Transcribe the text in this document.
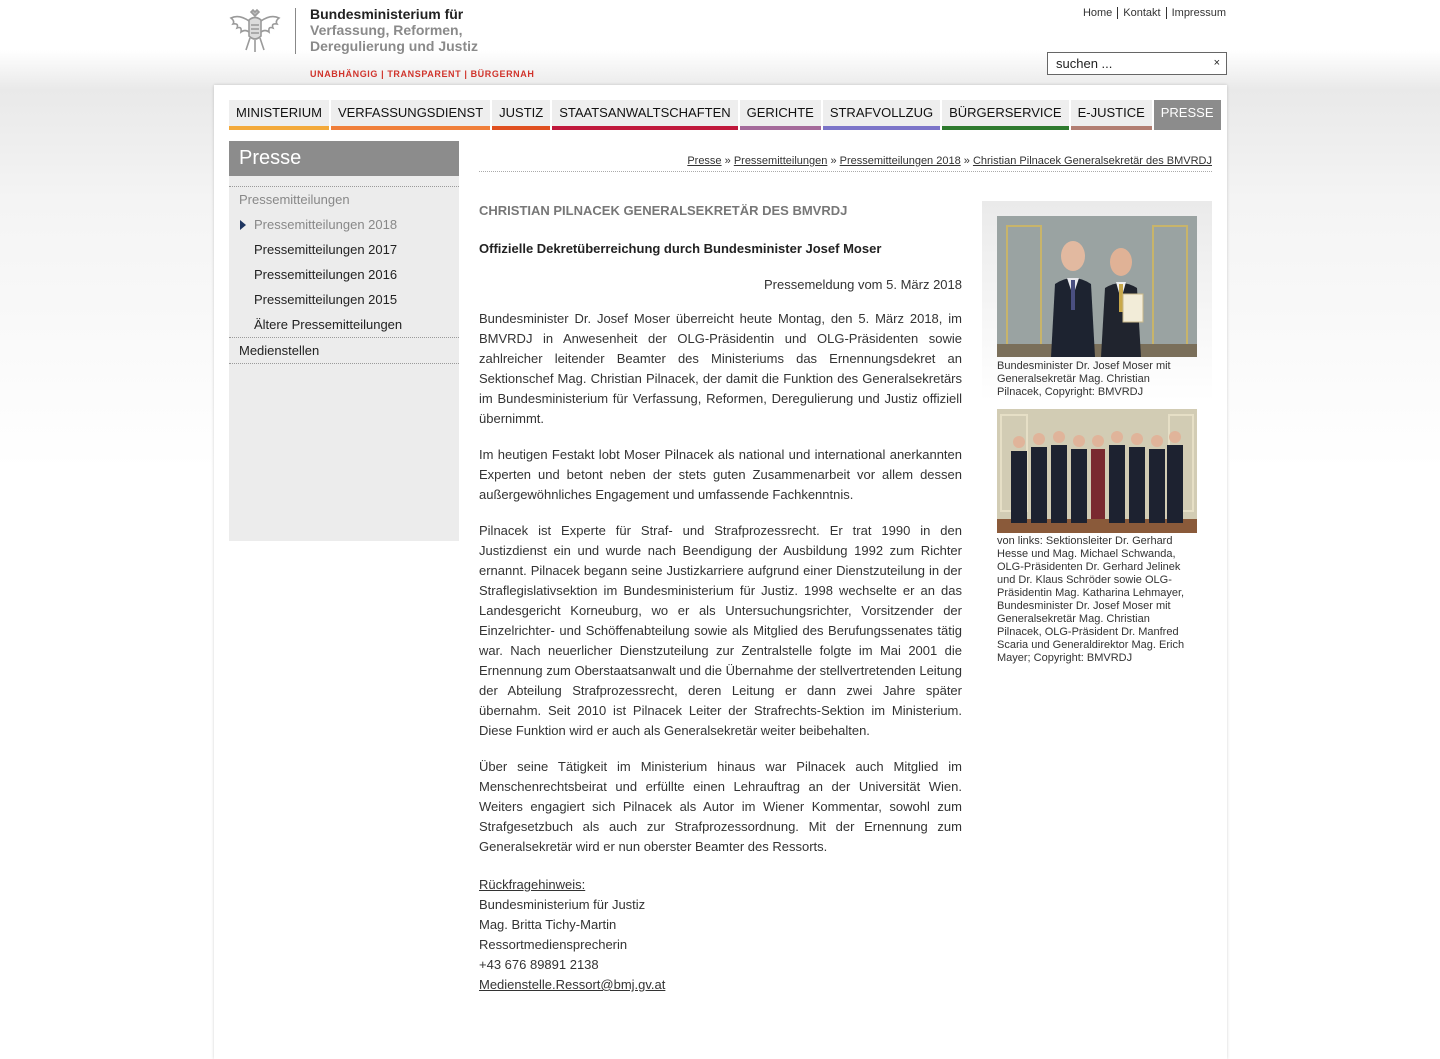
Bundesministerium für
Verfassung, Reformen,
Deregulierung und Justiz
UNABHÄNGIG | TRANSPARENT | BÜRGERNAH
Home	Kontakt	Impressum
suchen ...
×
MINISTERIUM	VERFASSUNGSDIENST	JUSTIZ	STAATSANWALTSCHAFTEN	GERICHTE	STRAFVOLLZUG	BÜRGERSERVICE	E-JUSTICE	PRESSE
Presse
Pressemitteilungen
Pressemitteilungen 2018
Pressemitteilungen 2017
Pressemitteilungen 2016
Pressemitteilungen 2015
Ältere Pressemitteilungen
Medienstellen
Presse » Pressemitteilungen » Pressemitteilungen 2018 » Christian Pilnacek Generalsekretär des BMVRDJ
CHRISTIAN PILNACEK GENERALSEKRETÄR DES BMVRDJ
Offizielle Dekretüberreichung durch Bundesminister Josef Moser
Pressemeldung vom 5. März 2018

Bundesminister Dr. Josef Moser überreicht heute Montag, den 5. März 2018, im BMVRDJ in Anwesenheit der OLG-Präsidentin und OLG-Präsidenten sowie zahlreicher leitender Beamter des Ministeriums das Ernennungsdekret an Sektionschef Mag. Christian Pilnacek, der damit die Funktion des Generalsekretärs im Bundesministerium für Verfassung, Reformen, Deregulierung und Justiz offiziell übernimmt.

Im heutigen Festakt lobt Moser Pilnacek als national und international anerkannten Experten und betont neben der stets guten Zusammenarbeit vor allem dessen außergewöhnliches Engagement und umfassende Fachkenntnis.

Pilnacek ist Experte für Straf- und Strafprozessrecht. Er trat 1990 in den Justizdienst ein und wurde nach Beendigung der Ausbildung 1992 zum Richter ernannt. Pilnacek begann seine Justizkarriere aufgrund einer Dienstzuteilung in der Straflegislativsektion im Bundesministerium für Justiz. 1998 wechselte er an das Landesgericht Korneuburg, wo er als Untersuchungsrichter, Vorsitzender der Einzelrichter- und Schöffenabteilung sowie als Mitglied des Berufungssenates tätig war. Nach neuerlicher Dienstzuteilung zur Zentralstelle folgte im Mai 2001 die Ernennung zum Oberstaatsanwalt und die Übernahme der stellvertretenden Leitung der Abteilung Strafprozessrecht, deren Leitung er dann zwei Jahre später übernahm. Seit 2010 ist Pilnacek Leiter der Strafrechts-Sektion im Ministerium. Diese Funktion wird er auch als Generalsekretär weiter beibehalten.

Über seine Tätigkeit im Ministerium hinaus war Pilnacek auch Mitglied im Menschenrechtsbeirat und erfüllte einen Lehrauftrag an der Universität Wien. Weiters engagiert sich Pilnacek als Autor im Wiener Kommentar, sowohl zum Strafgesetzbuch als auch zur Strafprozessordnung. Mit der Ernennung zum Generalsekretär wird er nun oberster Beamter des Ressorts.

Rückfragehinweis:
Bundesministerium für Justiz
Mag. Britta Tichy-Martin
Ressortmediensprecherin
+43 676 89891 2138
Medienstelle.Ressort@bmj.gv.at
Bundesminister Dr. Josef Moser mit Generalsekretär Mag. Christian Pilnacek, Copyright: BMVRDJ
von links: Sektionsleiter Dr. Gerhard Hesse und Mag. Michael Schwanda, OLG-Präsidenten Dr. Gerhard Jelinek und Dr. Klaus Schröder sowie OLG-Präsidentin Mag. Katharina Lehmayer, Bundesminister Dr. Josef Moser mit Generalsekretär Mag. Christian Pilnacek, OLG-Präsident Dr. Manfred Scaria und Generaldirektor Mag. Erich Mayer; Copyright: BMVRDJ
